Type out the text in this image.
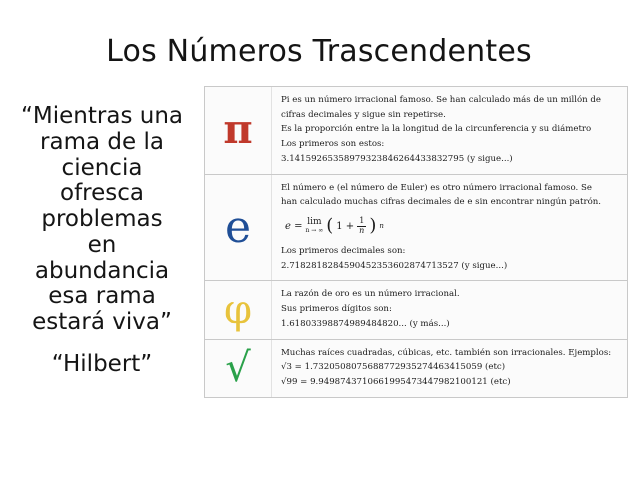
Los Números Trascendentes
“Mientras una
rama de la
ciencia
ofresca
problemas
en
abundancia
esa rama
estará viva”
“Hilbert”
π

Pi es un número irracional famoso. Se han calculado más de un millón de

cifras decimales y sigue sin repetirse.

Es la proporción entre la la longitud de la circunferencia y su diámetro

Los primeros son estos:

3.14159265358979323846264433832795 (y sigue...)

e

El número e (el número de Euler) es otro número irracional famoso. Se

han calculado muchas cifras decimales de e sin encontrar ningún patrón.

e = lim
n → ∞ ( $1 + \frac{1}{n}$ ) n

Los primeros decimales son:

2.7182818284590452353602874713527 (y sigue...)

φ	La razón de oro es un número irracional.

Sus primeros dígitos son:

1.61803398874989484820... (y más...)

√	Muchas raíces cuadradas, cúbicas, etc. también son irracionales. Ejemplos:

√3 = 1.7320508075688772935274463415059 (etc)

√99 = 9.9498743710661995473447982100121 (etc)
